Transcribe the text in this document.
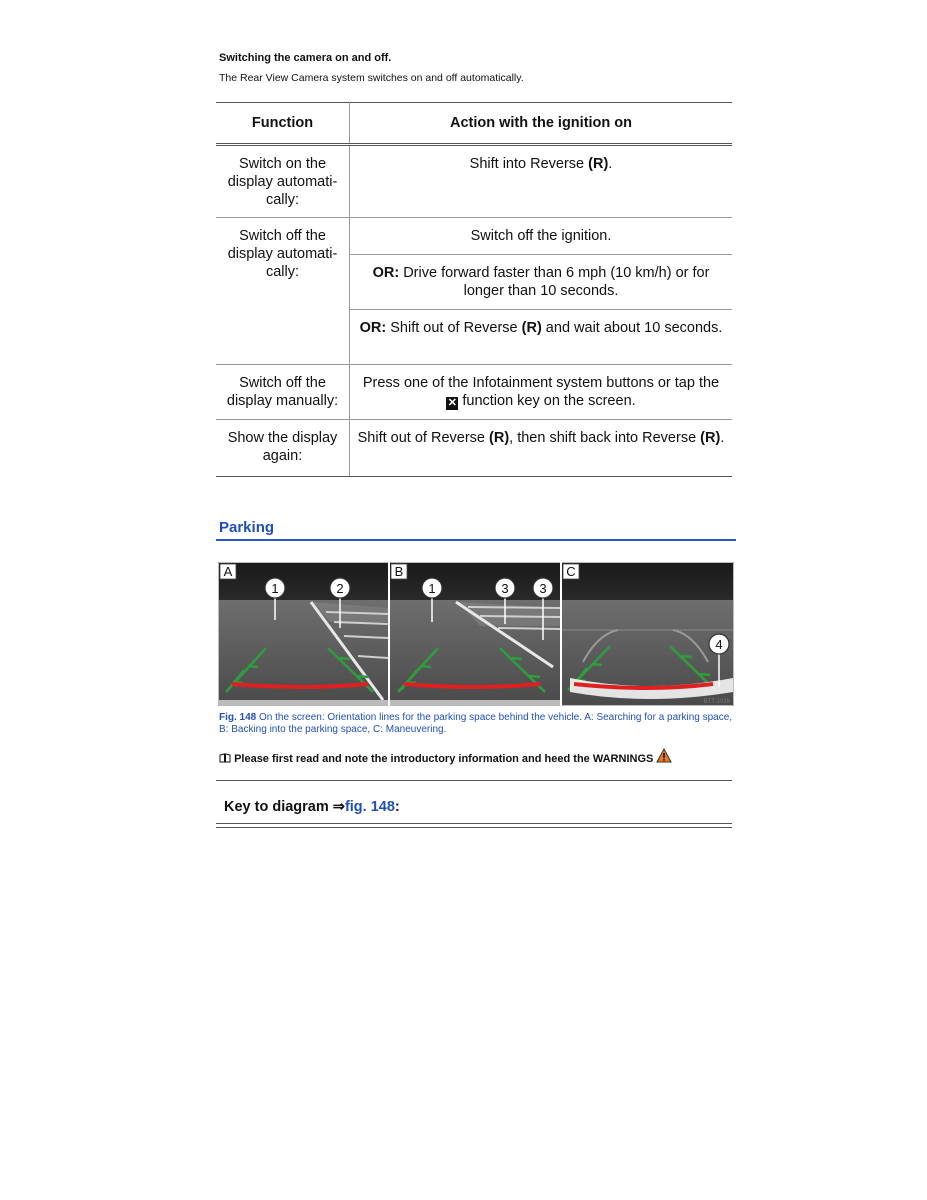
Switching the camera on and off.
The Rear View Camera system switches on and off automatically.
Function	Action with the ignition on
Switch on the display automati-cally:	Shift into Reverse (R).
Switch off the display automati-cally:	Switch off the ignition.
	OR: Drive forward faster than 6 mph (10 km/h) or for longer than 10 seconds.
	OR: Shift out of Reverse (R) and wait about 10 seconds.
Switch off the display manually:	Press one of the Infotainment system buttons or tap the ✕ function key on the screen.
Show the display again:	Shift out of Reverse (R), then shift back into Reverse (R).
Parking
A
1	2
B
1	3 3
C
4
BTT-1026
Fig. 148 On the screen: Orientation lines for the parking space behind the vehicle. A: Searching for a parking space, B: Backing into the parking space, C: Maneuvering.
Please first read and note the introductory information and heed the WARNINGS
Key to diagram ⇒fig. 148:
